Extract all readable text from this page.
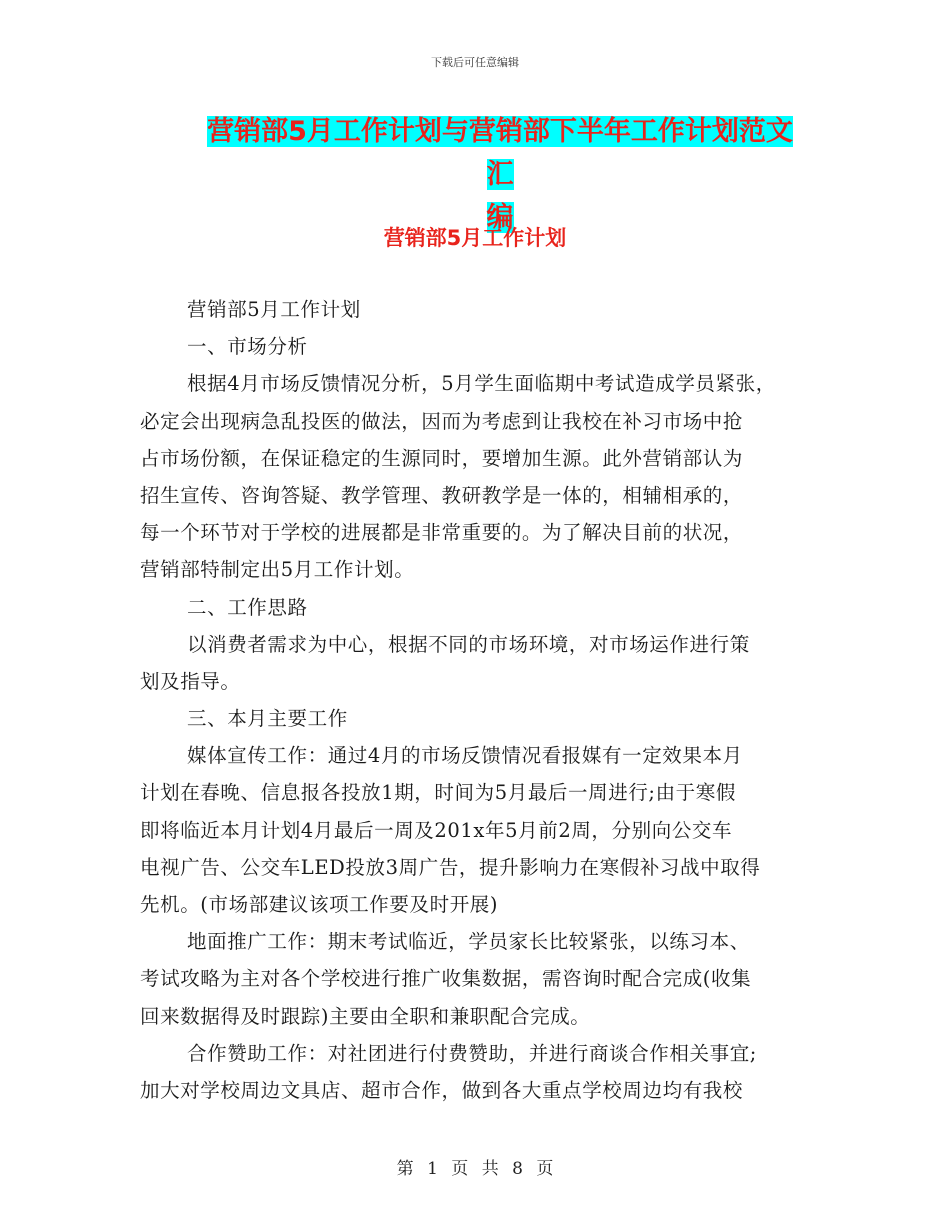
下载后可任意编辑
营销部5月工作计划与营销部下半年工作计划范文汇
编
营销部5月工作计划
营销部5月工作计划
一、市场分析
根据4月市场反馈情况分析，5月学生面临期中考试造成学员紧张，
必定会出现病急乱投医的做法，因而为考虑到让我校在补习市场中抢
占市场份额，在保证稳定的生源同时，要增加生源。此外营销部认为
招生宣传、咨询答疑、教学管理、教研教学是一体的，相辅相承的，
每一个环节对于学校的进展都是非常重要的。为了解决目前的状况，
营销部特制定出5月工作计划。
二、工作思路
以消费者需求为中心，根据不同的市场环境，对市场运作进行策
划及指导。
三、本月主要工作
媒体宣传工作：通过4月的市场反馈情况看报媒有一定效果本月
计划在春晚、信息报各投放1期，时间为5月最后一周进行;由于寒假
即将临近本月计划4月最后一周及201x年5月前2周，分别向公交车
电视广告、公交车LED投放3周广告，提升影响力在寒假补习战中取得
先机。(市场部建议该项工作要及时开展)
地面推广工作：期末考试临近，学员家长比较紧张，以练习本、
考试攻略为主对各个学校进行推广收集数据，需咨询时配合完成(收集
回来数据得及时跟踪)主要由全职和兼职配合完成。
合作赞助工作：对社团进行付费赞助，并进行商谈合作相关事宜;
加大对学校周边文具店、超市合作，做到各大重点学校周边均有我校
第 1 页 共 8 页
